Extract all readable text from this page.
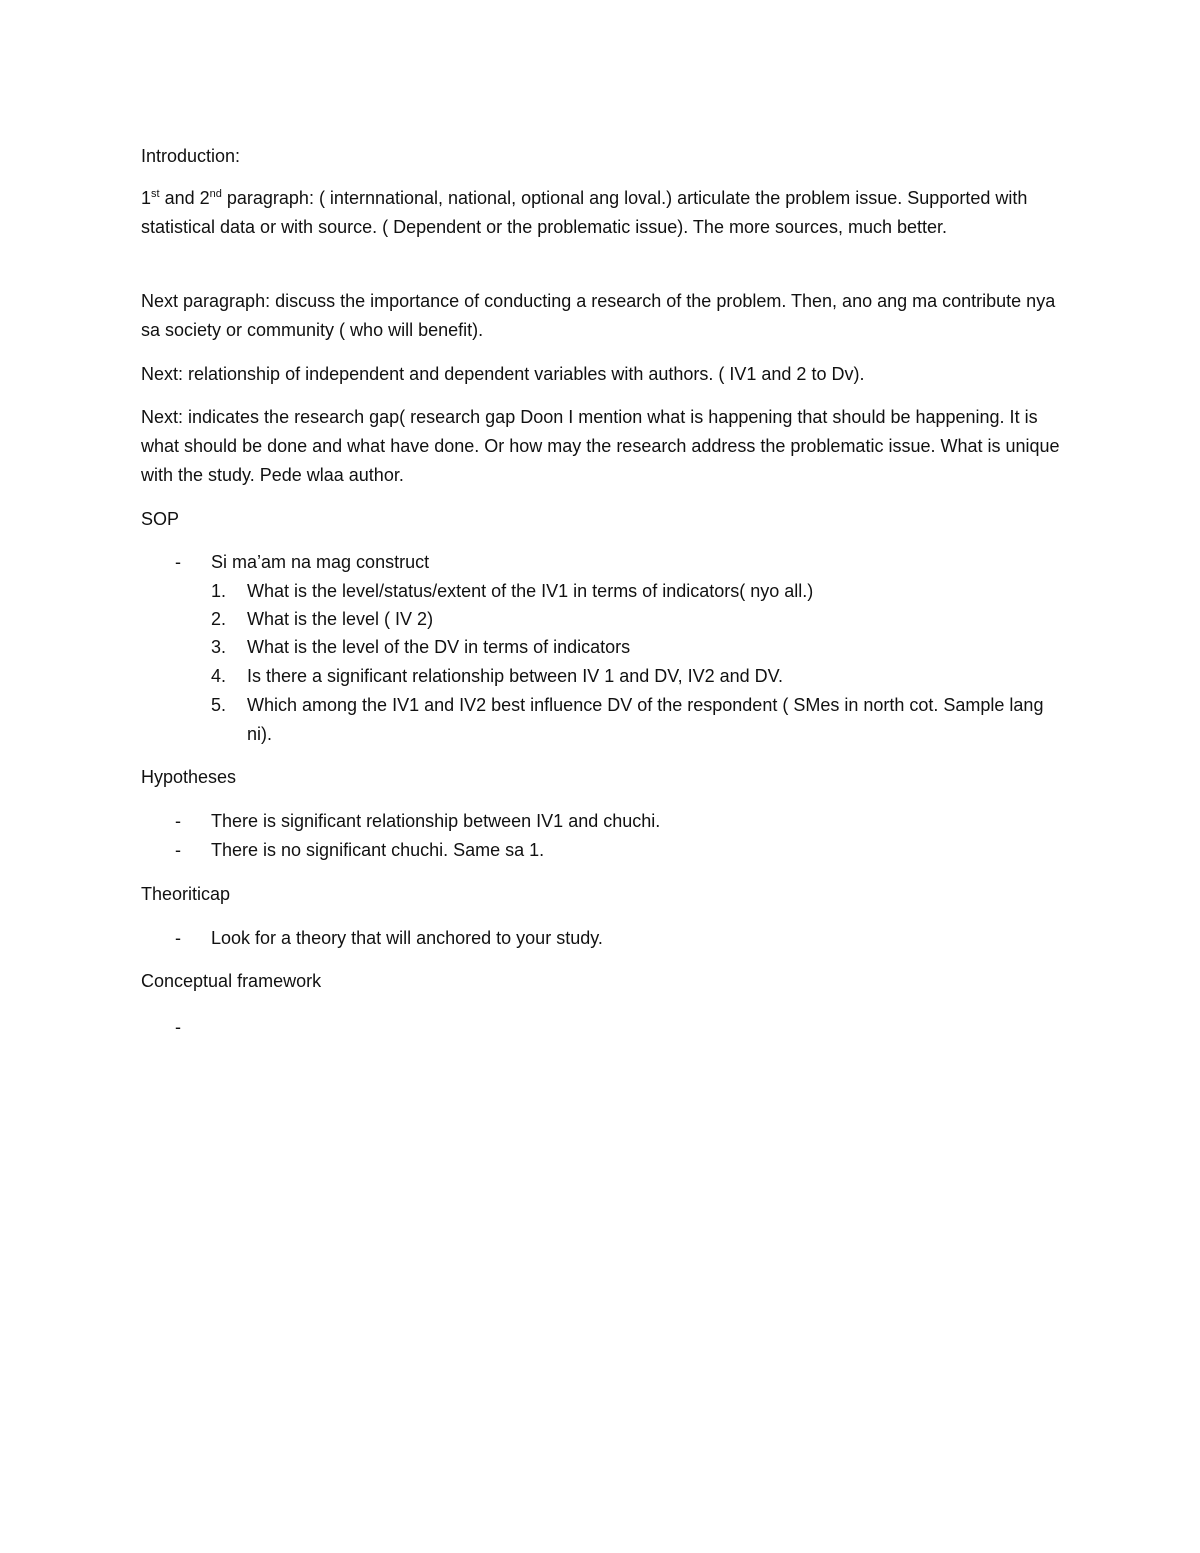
Introduction:
1st and 2nd paragraph: ( internnational, national, optional ang loval.) articulate the problem issue. Supported with statistical data or with source. ( Dependent or the problematic issue). The more sources, much better.
Next paragraph: discuss the importance of conducting a research of the problem. Then, ano ang ma contribute nya sa society or community ( who will benefit).
Next: relationship of independent and dependent variables with authors. ( IV1 and 2 to Dv).
Next: indicates the research gap( research gap Doon I mention what is happening that should be happening. It is what should be done and what have done. Or how may the research address the problematic issue. What is unique with the study. Pede wlaa author.
SOP
-	Si ma’am na mag construct
1.	What is the level/status/extent of the IV1 in terms of indicators( nyo all.)
2.	What is the level ( IV 2)
3.	What is the level of the DV in terms of indicators
4.	Is there a significant relationship between IV 1 and DV, IV2 and DV.
5.	Which among the IV1 and IV2 best influence DV of the respondent ( SMes in north cot. Sample lang ni).
Hypotheses
-	There is significant relationship between IV1 and chuchi.
-	There is no significant chuchi. Same sa 1.
Theoriticap
-	Look for a theory that will anchored to your study.
Conceptual framework
-
